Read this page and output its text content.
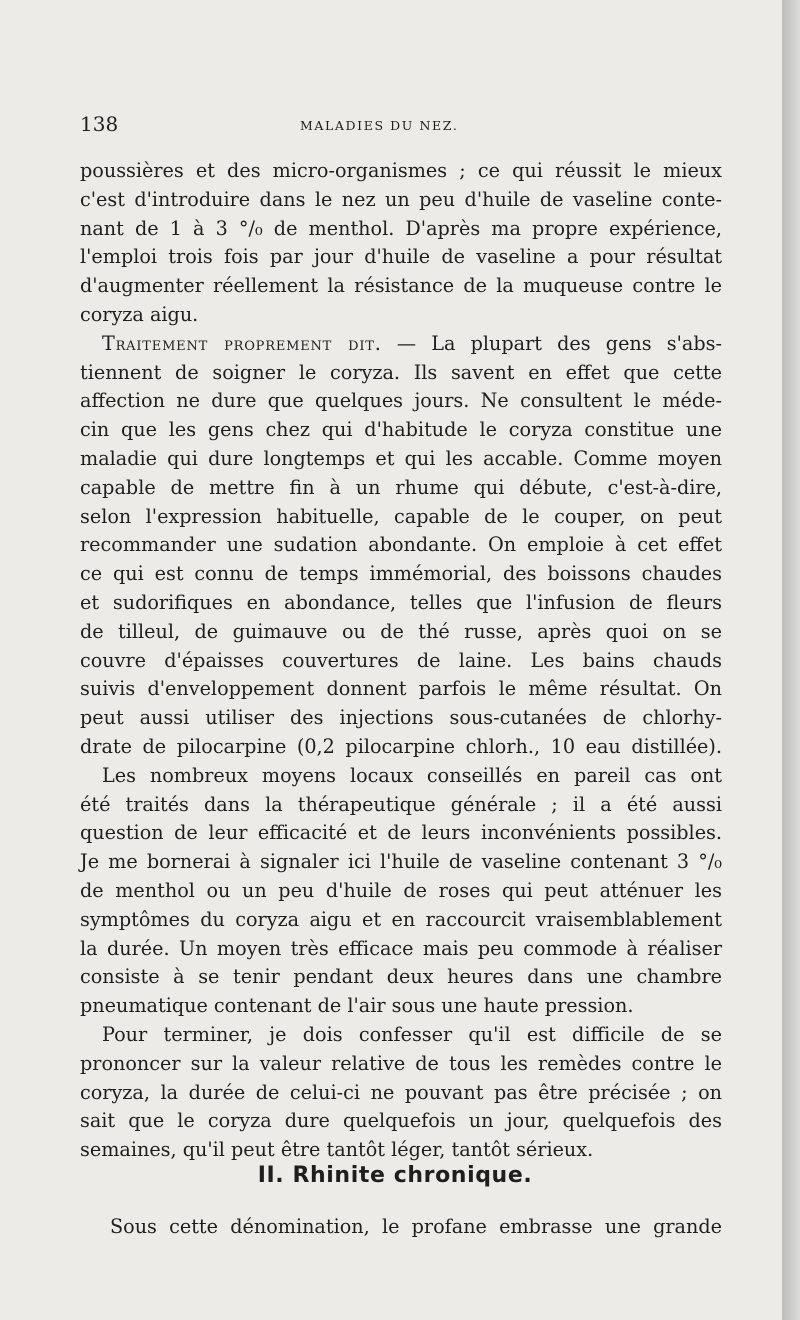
138	MALADIES DU NEZ.
poussières et des micro-organismes ; ce qui réussit le mieux
c'est d'introduire dans le nez un peu d'huile de vaseline conte-
nant de 1 à 3 °/₀ de menthol. D'après ma propre expérience,
l'emploi trois fois par jour d'huile de vaseline a pour résultat
d'augmenter réellement la résistance de la muqueuse contre le
coryza aigu.
Traitement proprement dit. — La plupart des gens s'abs-
tiennent de soigner le coryza. Ils savent en effet que cette
affection ne dure que quelques jours. Ne consultent le méde-
cin que les gens chez qui d'habitude le coryza constitue une
maladie qui dure longtemps et qui les accable. Comme moyen
capable de mettre fin à un rhume qui débute, c'est-à-dire,
selon l'expression habituelle, capable de le couper, on peut
recommander une sudation abondante. On emploie à cet effet
ce qui est connu de temps immémorial, des boissons chaudes
et sudorifiques en abondance, telles que l'infusion de fleurs
de tilleul, de guimauve ou de thé russe, après quoi on se
couvre d'épaisses couvertures de laine. Les bains chauds
suivis d'enveloppement donnent parfois le même résultat. On
peut aussi utiliser des injections sous-cutanées de chlorhy-
drate de pilocarpine (0,2 pilocarpine chlorh., 10 eau distillée).
Les nombreux moyens locaux conseillés en pareil cas ont
été traités dans la thérapeutique générale ; il a été aussi
question de leur efficacité et de leurs inconvénients possibles.
Je me bornerai à signaler ici l'huile de vaseline contenant 3 °/₀
de menthol ou un peu d'huile de roses qui peut atténuer les
symptômes du coryza aigu et en raccourcit vraisemblablement
la durée. Un moyen très efficace mais peu commode à réaliser
consiste à se tenir pendant deux heures dans une chambre
pneumatique contenant de l'air sous une haute pression.
Pour terminer, je dois confesser qu'il est difficile de se
prononcer sur la valeur relative de tous les remèdes contre le
coryza, la durée de celui-ci ne pouvant pas être précisée ; on
sait que le coryza dure quelquefois un jour, quelquefois des
semaines, qu'il peut être tantôt léger, tantôt sérieux.
II. Rhinite chronique.
Sous cette dénomination, le profane embrasse une grande
